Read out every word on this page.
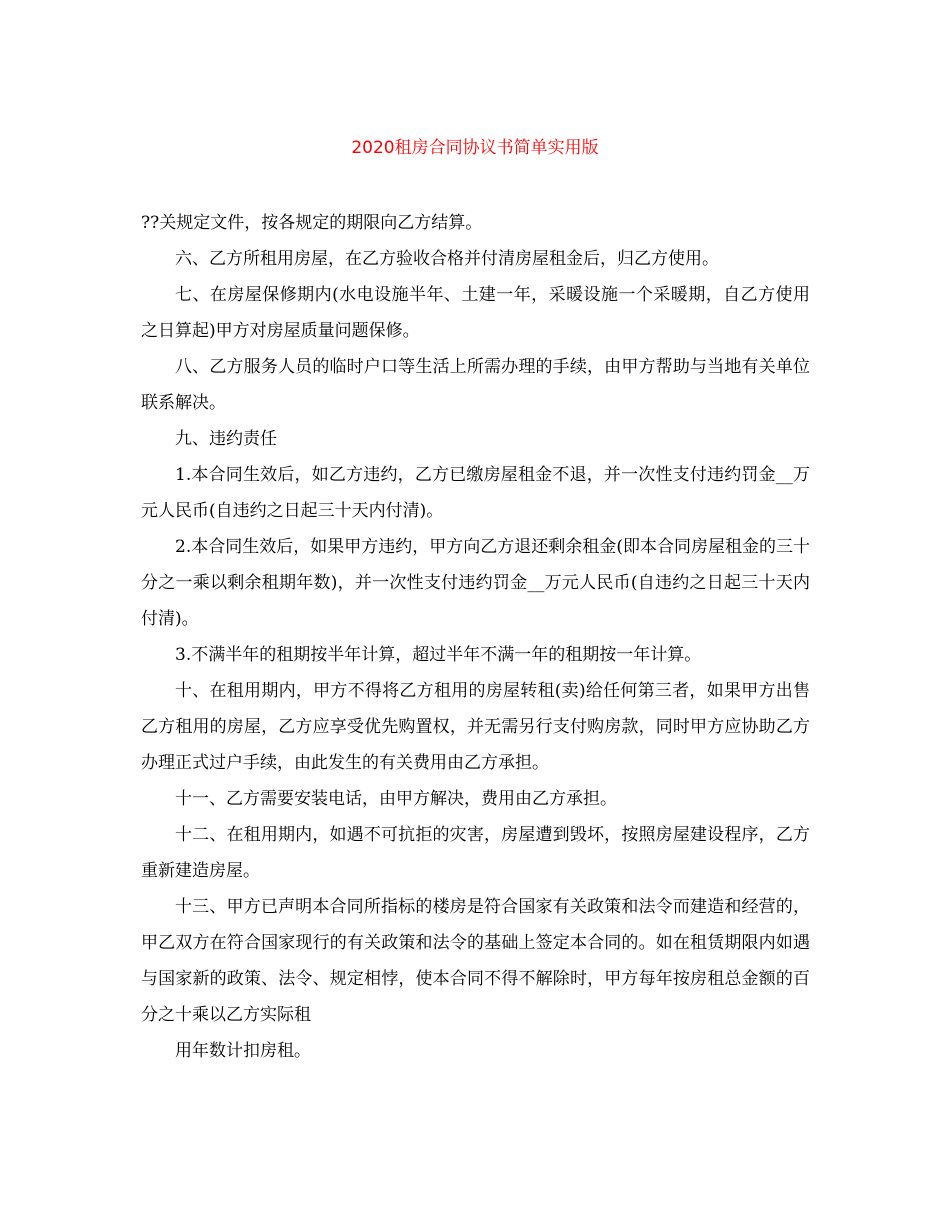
2020租房合同协议书简单实用版

??关规定文件，按各规定的期限向乙方结算。

六、乙方所租用房屋，在乙方验收合格并付清房屋租金后，归乙方使用。

七、在房屋保修期内(水电设施半年、土建一年，采暖设施一个采暖期，自乙方使用之日算起)甲方对房屋质量问题保修。

八、乙方服务人员的临时户口等生活上所需办理的手续，由甲方帮助与当地有关单位联系解决。

九、违约责任

1.本合同生效后，如乙方违约，乙方已缴房屋租金不退，并一次性支付违约罚金__万元人民币(自违约之日起三十天内付清)。

2.本合同生效后，如果甲方违约，甲方向乙方退还剩余租金(即本合同房屋租金的三十分之一乘以剩余租期年数)，并一次性支付违约罚金__万元人民币(自违约之日起三十天内付清)。

3.不满半年的租期按半年计算，超过半年不满一年的租期按一年计算。

十、在租用期内，甲方不得将乙方租用的房屋转租(卖)给任何第三者，如果甲方出售乙方租用的房屋，乙方应享受优先购置权，并无需另行支付购房款，同时甲方应协助乙方办理正式过户手续，由此发生的有关费用由乙方承担。

十一、乙方需要安装电话，由甲方解决，费用由乙方承担。

十二、在租用期内，如遇不可抗拒的灾害，房屋遭到毁坏，按照房屋建设程序，乙方重新建造房屋。

十三、甲方已声明本合同所指标的楼房是符合国家有关政策和法令而建造和经营的，甲乙双方在符合国家现行的有关政策和法令的基础上签定本合同的。如在租赁期限内如遇与国家新的政策、法令、规定相悖，使本合同不得不解除时，甲方每年按房租总金额的百分之十乘以乙方实际租

用年数计扣房租。
